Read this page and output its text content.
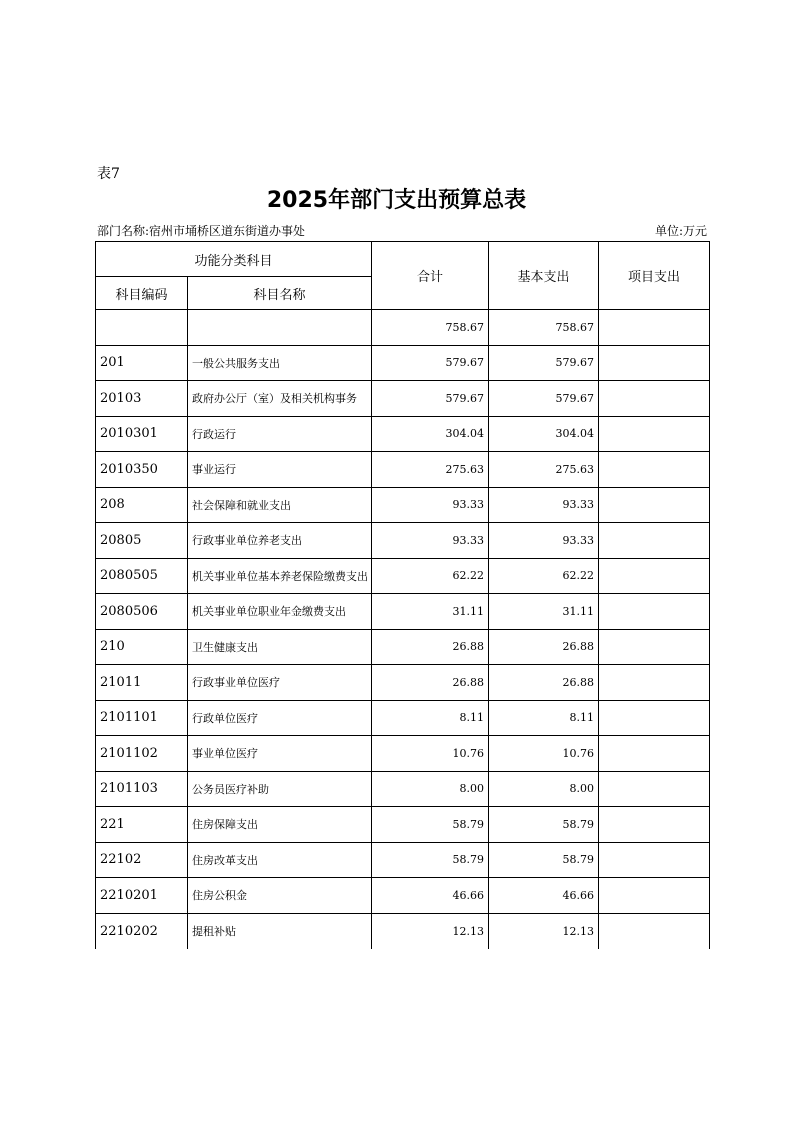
表7
2025年部门支出预算总表
部门名称:宿州市埇桥区道东街道办事处	单位:万元
功能分类科目		合计	基本支出	项目支出
科目编码	科目名称			
		758.67	758.67	
201	一般公共服务支出	579.67	579.67	
20103	政府办公厅（室）及相关机构事务	579.67	579.67	
2010301	行政运行	304.04	304.04	
2010350	事业运行	275.63	275.63	
208	社会保障和就业支出	93.33	93.33	
20805	行政事业单位养老支出	93.33	93.33	
2080505	机关事业单位基本养老保险缴费支出	62.22	62.22	
2080506	机关事业单位职业年金缴费支出	31.11	31.11	
210	卫生健康支出	26.88	26.88	
21011	行政事业单位医疗	26.88	26.88	
2101101	行政单位医疗	8.11	8.11	
2101102	事业单位医疗	10.76	10.76	
2101103	公务员医疗补助	8.00	8.00	
221	住房保障支出	58.79	58.79	
22102	住房改革支出	58.79	58.79	
2210201	住房公积金	46.66	46.66	
2210202	提租补贴	12.13	12.13	
